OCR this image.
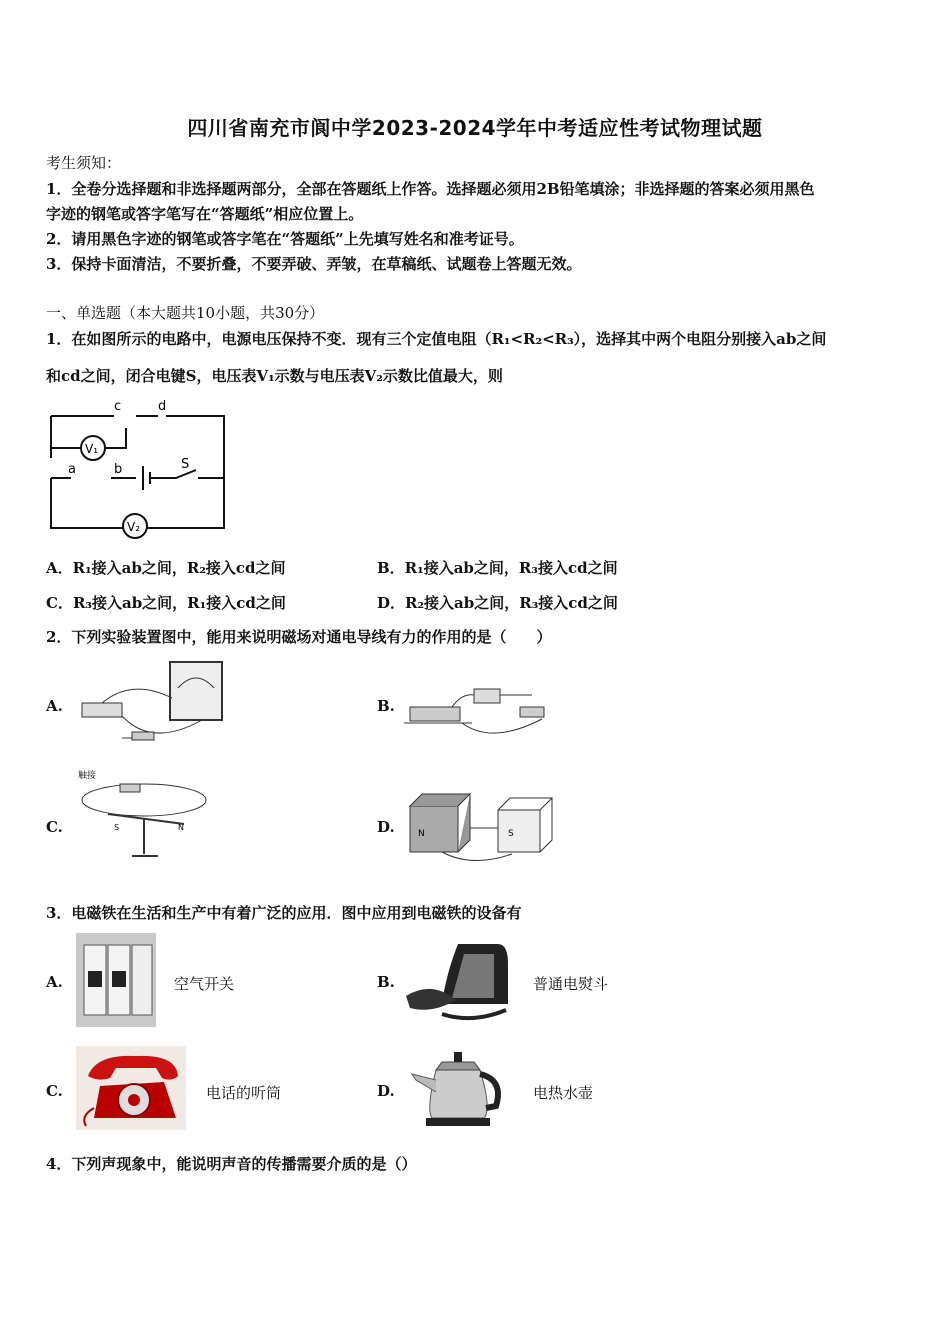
四川省南充市阆中学2023-2024学年中考适应性考试物理试题
考生须知：
1．全卷分选择题和非选择题两部分，全部在答题纸上作答。选择题必须用2B铅笔填涂；非选择题的答案必须用黑色
字迹的钢笔或答字笔写在“答题纸”相应位置上。
2．请用黑色字迹的钢笔或答字笔在“答题纸”上先填写姓名和准考证号。
3．保持卡面清洁，不要折叠，不要弄破、弄皱，在草稿纸、试题卷上答题无效。
一、单选题（本大题共10小题，共30分）
1．在如图所示的电路中，电源电压保持不变．现有三个定值电阻（R₁<R₂<R₃），选择其中两个电阻分别接入ab之间
和cd之间，闭合电键S，电压表V₁示数与电压表V₂示数比值最大，则
V₁
V₂
c	d
a	b	S
A．R₁接入ab之间，R₂接入cd之间	B．R₁接入ab之间，R₃接入cd之间
C．R₃接入ab之间，R₁接入cd之间	D．R₂接入ab之间，R₃接入cd之间
2．下列实验装置图中，能用来说明磁场对通电导线有力的作用的是（　　）
A.	B.
C.
触接
S	N	D.	N	S
3．电磁铁在生活和生产中有着广泛的应用．图中应用到电磁铁的设备有
A.	空气开关	B.	普通电熨斗
C.	电话的听筒	D.	电热水壶
4．下列声现象中，能说明声音的传播需要介质的是（）
